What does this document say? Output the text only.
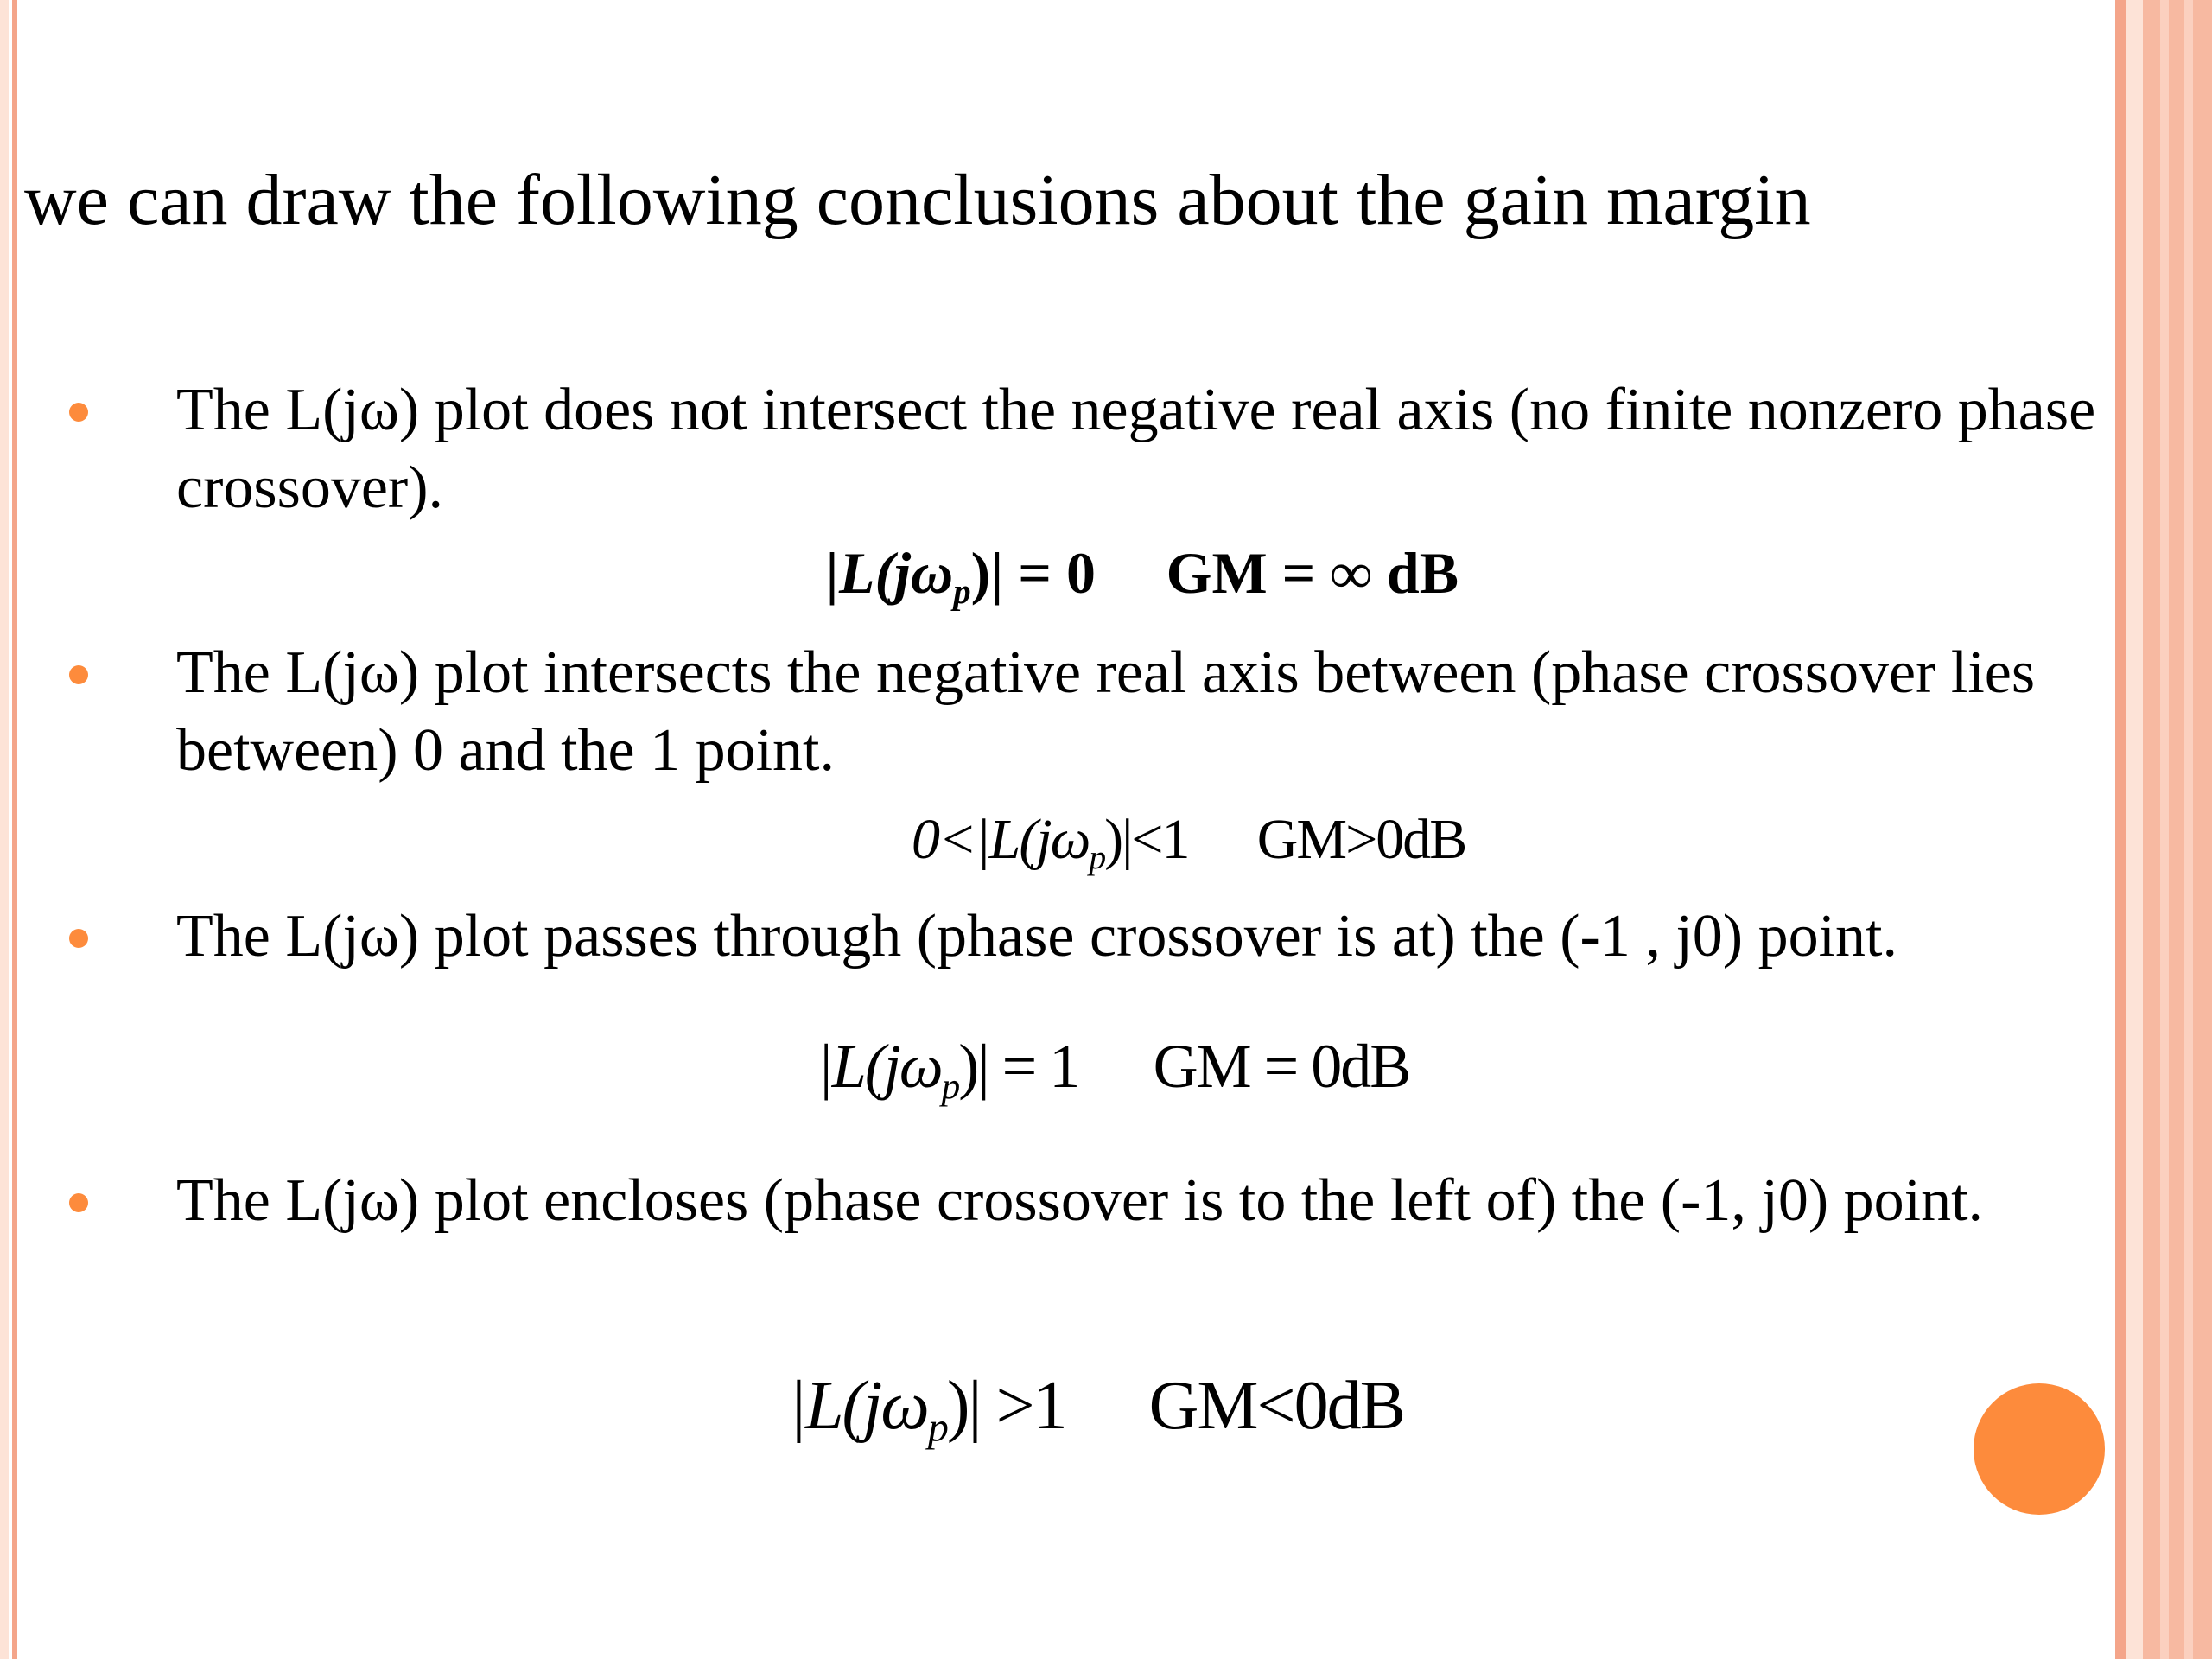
we can draw the following conclusions about the gain margin
The L(jω) plot does not intersect the negative real axis (no finite nonzero phase crossover).
$|L(j\omega_p)| = 0$ GM = ∞ dB
The L(jω) plot intersects the negative real axis between (phase crossover lies between) 0 and the 1 point.
$0<|L(j\omega_p)|<1$ GM>0dB
The L(jω) plot passes through (phase crossover is at) the (-1 , j0) point.
$|L(j\omega_p)| = 1$ GM = 0dB
The L(jω) plot encloses (phase crossover is to the left of) the (-1, j0) point.
$|L(j\omega_p)| >1$ GM<0dB
